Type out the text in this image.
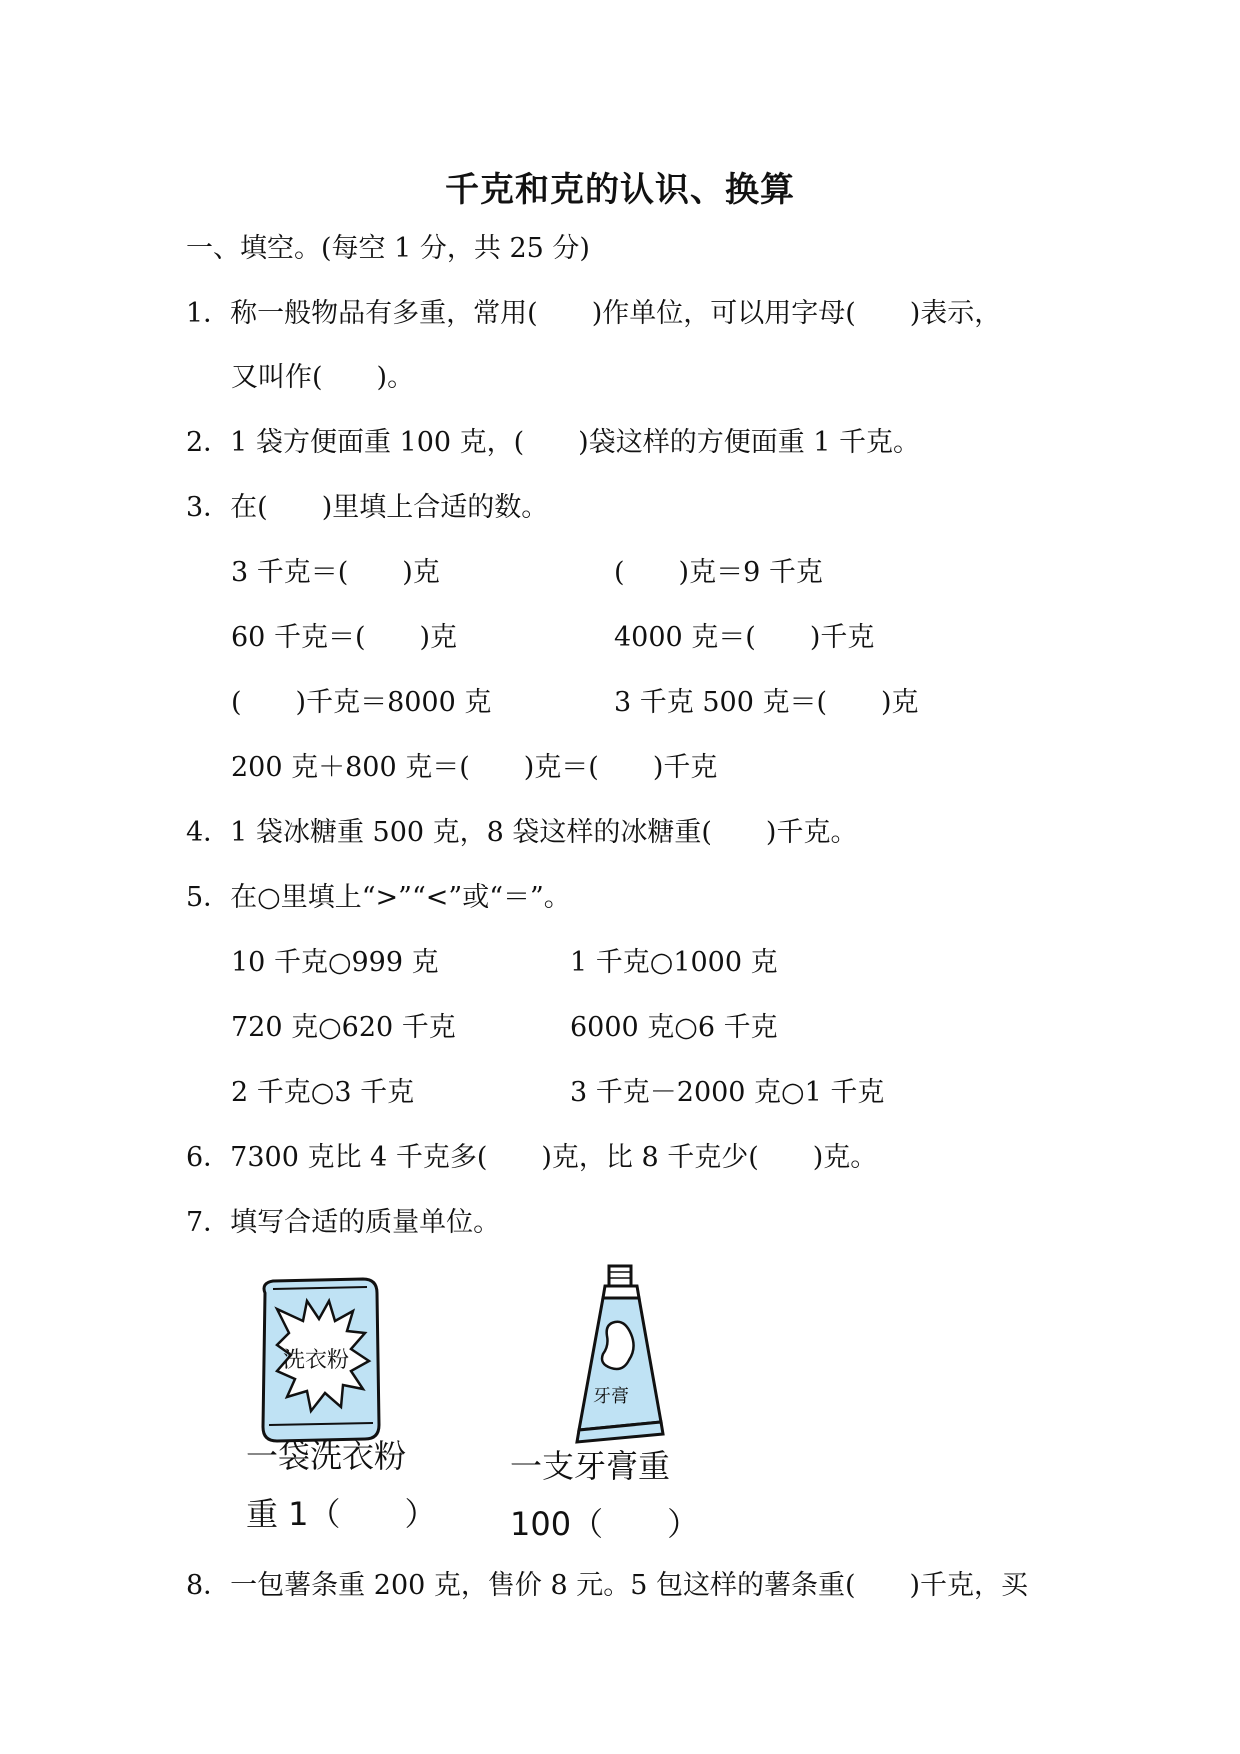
千克和克的认识、换算
一、填空。(每空 1 分，共 25 分)
1．称一般物品有多重，常用(　　)作单位，可以用字母(　　)表示，
又叫作(　　)。
2．1 袋方便面重 100 克，(　　)袋这样的方便面重 1 千克。
3．在(　　)里填上合适的数。
3 千克＝(　　)克	(　　)克＝9 千克
60 千克＝(　　)克	4000 克＝(　　)千克
(　　)千克＝8000 克	3 千克 500 克＝(　　)克
200 克＋800 克＝(　　)克＝(　　)千克
4．1 袋冰糖重 500 克，8 袋这样的冰糖重(　　)千克。
5．在○里填上“>”“<”或“＝”。
10 千克○999 克	1 千克○1000 克
720 克○620 千克	6000 克○6 千克
2 千克○3 千克	3 千克－2000 克○1 千克
6．7300 克比 4 千克多(　　)克，比 8 千克少(　　)克。
7．填写合适的质量单位。
洗衣粉
牙膏
一袋洗衣粉
重 1（　　）
一支牙膏重
100（　　）
8．一包薯条重 200 克，售价 8 元。5 包这样的薯条重(　　)千克，买
